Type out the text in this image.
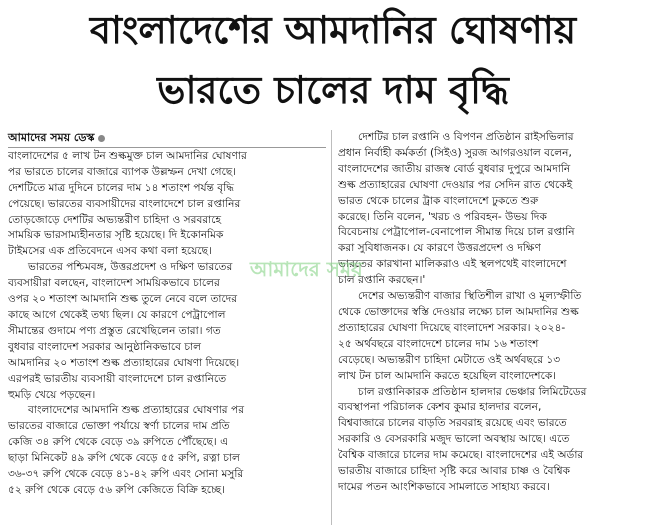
বাংলাদেশের আমদানির ঘোষণায়
ভারতে চালের দাম বৃদ্ধি
আমাদের সময় ডেস্ক
বাংলাদেশের ৫ লাখ টন শুল্কমুক্ত চাল আমদানির ঘোষণার
পর ভারতে চালের বাজারে ব্যাপক উল্লম্ফন দেখা গেছে।
দেশটিতে মাত্র দুদিনে চালের দাম ১৪ শতাংশ পর্যন্ত বৃদ্ধি
পেয়েছে। ভারতের ব্যবসায়ীদের বাংলাদেশে চাল রপ্তানির
তোড়জোড়ে দেশটির অভ্যন্তরীণ চাহিদা ও সরবরাহে
সাময়িক ভারসাম্যহীনতার সৃষ্টি হয়েছে। দি ইকোনমিক
টাইমসের এক প্রতিবেদনে এসব কথা বলা হয়েছে।
ভারতের পশ্চিমবঙ্গ, উত্তরপ্রদেশ ও দক্ষিণ ভারতের
ব্যবসায়ীরা বলছেন, বাংলাদেশ সাময়িকভাবে চালের
ওপর ২০ শতাংশ আমদানি শুল্ক তুলে নেবে বলে তাদের
কাছে আগে থেকেই তথ্য ছিল। যে কারণে পেট্রাপোল
সীমান্তের গুদামে পণ্য প্রস্তুত রেখেছিলেন তারা। গত
বুধবার বাংলাদেশ সরকার আনুষ্ঠানিকভাবে চাল
আমদানির ২০ শতাংশ শুল্ক প্রত্যাহারের ঘোষণা দিয়েছে।
এরপরই ভারতীয় ব্যবসায়ী বাংলাদেশে চাল রপ্তানিতে
হুমড়ি খেয়ে পড়ছেন।
বাংলাদেশের আমদানি শুল্ক প্রত্যাহারের ঘোষণার পর
ভারতের বাজারে ভোক্তা পর্যায়ে স্বর্ণা চালের দাম প্রতি
কেজি ৩৪ রুপি থেকে বেড়ে ৩৯ রুপিতে পৌঁছেছে। এ
ছাড়া মিনিকেট ৪৯ রুপি থেকে বেড়ে ৫৫ রুপি, রত্না চাল
৩৬-৩৭ রুপি থেকে বেড়ে ৪১-৪২ রুপি এবং সোনা মসুরি
৫২ রুপি থেকে বেড়ে ৫৬ রুপি কেজিতে বিক্রি হচ্ছে।
দেশটির চাল রপ্তানি ও বিপণন প্রতিষ্ঠান রাইসভিলার
প্রধান নির্বাহী কর্মকর্তা (সিইও) সুরজ আগরওয়াল বলেন,
বাংলাদেশের জাতীয় রাজস্ব বোর্ড বুধবার দুপুরে আমদানি
শুল্ক প্রত্যাহারের ঘোষণা দেওয়ার পর সেদিন রাত থেকেই
ভারত থেকে চালের ট্রাক বাংলাদেশে ঢুকতে শুরু
করেছে। তিনি বলেন, 'খরচ ও পরিবহন- উভয় দিক
বিবেচনায় পেট্রাপোল-বেনাপোল সীমান্ত দিয়ে চাল রপ্তানি
করা সুবিধাজনক। যে কারণে উত্তরপ্রদেশ ও দক্ষিণ
ভারতের কারখানা মালিকরাও এই স্থলপথেই বাংলাদেশে
চাল রপ্তানি করছেন।'
দেশের অভ্যন্তরীণ বাজার স্থিতিশীল রাখা ও মূল্যস্ফীতি
থেকে ভোক্তাদের স্বস্তি দেওয়ার লক্ষ্যে চাল আমদানির শুল্ক
প্রত্যাহারের ঘোষণা দিয়েছে বাংলাদেশ সরকার। ২০২৪-
২৫ অর্থবছরে বাংলাদেশে চালের দাম ১৬ শতাংশ
বেড়েছে। অভ্যন্তরীণ চাহিদা মেটাতে ওই অর্থবছরে ১৩
লাখ টন চাল আমদানি করতে হয়েছিল বাংলাদেশকে।
চাল রপ্তানিকারক প্রতিষ্ঠান হালদার ভেঞ্চার লিমিটেডের
ব্যবস্থাপনা পরিচালক কেশব কুমার হালদার বলেন,
বিশ্ববাজারে চালের বাড়তি সরবরাহ রয়েছে এবং ভারতে
সরকারি ও বেসরকারি মজুদ ভালো অবস্থায় আছে। এতে
বৈশ্বিক বাজারে চালের দাম কমেছে। বাংলাদেশের এই অর্ডার
ভারতীয় বাজারে চাহিদা সৃষ্টি করে আবার চাষ্ণ ও বৈশ্বিক
দামের পতন আংশিকভাবে সামলাতে সাহায্য করবে।
আমাদের সময়
